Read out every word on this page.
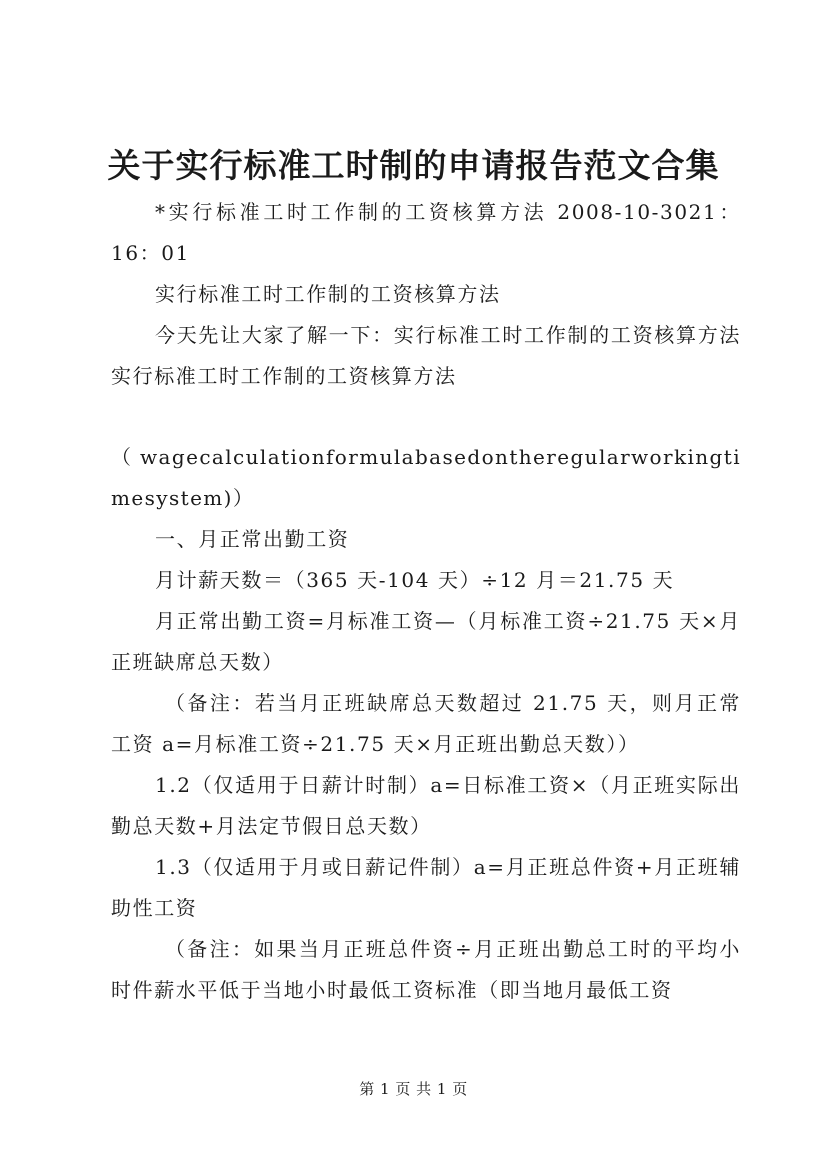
关于实行标准工时制的申请报告范文合集

*实行标准工时工作制的工资核算方法 2008-10-3021：16：01

实行标准工时工作制的工资核算方法

今天先让大家了解一下：实行标准工时工作制的工资核算方法实行标准工时工作制的工资核算方法

（wagecalculationformulabasedontheregularworkingtimesystem)）

一、月正常出勤工资

月计薪天数＝（365 天-104 天）÷12 月＝21.75 天

月正常出勤工资=月标准工资—（月标准工资÷21.75 天×月正班缺席总天数）

（备注：若当月正班缺席总天数超过 21.75 天，则月正常工资 a=月标准工资÷21.75 天×月正班出勤总天数））

1.2（仅适用于日薪计时制）a=日标准工资×（月正班实际出勤总天数+月法定节假日总天数）

1.3（仅适用于月或日薪记件制）a=月正班总件资+月正班辅助性工资

（备注：如果当月正班总件资÷月正班出勤总工时的平均小时件薪水平低于当地小时最低工资标准（即当地月最低工资

第 1 页 共 1 页
